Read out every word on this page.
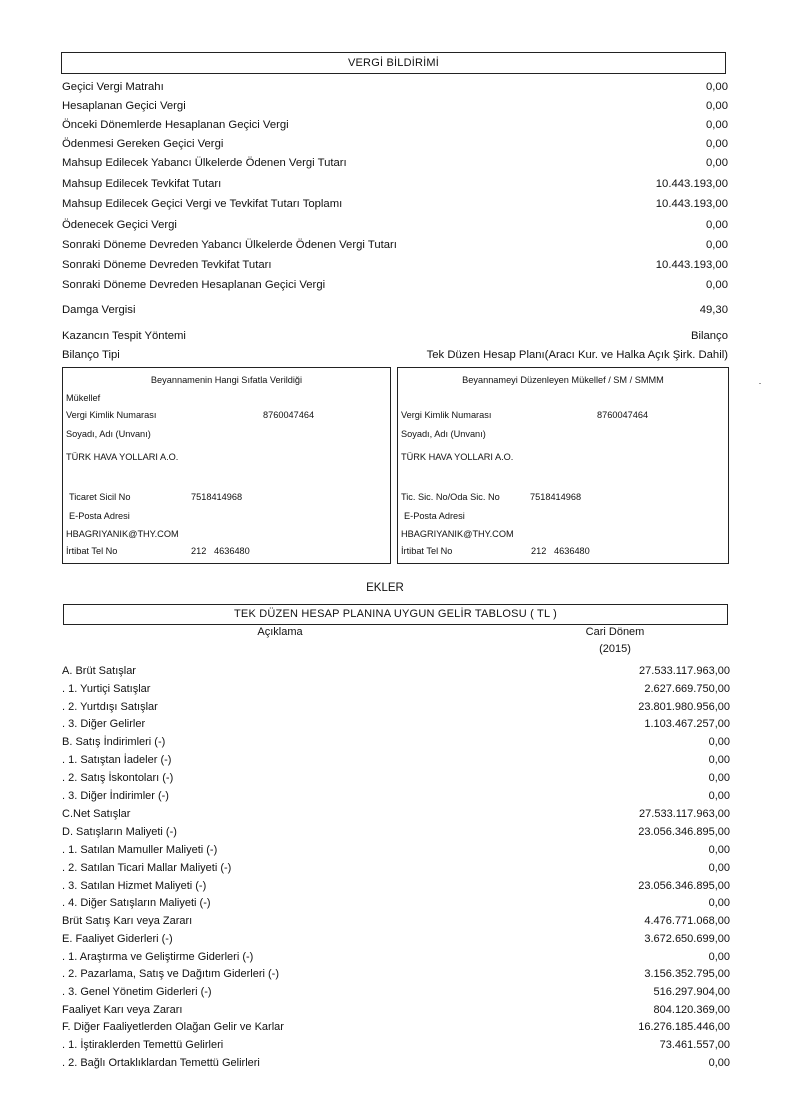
VERGİ BİLDİRİMİ
Geçici Vergi Matrahı	0,00
Hesaplanan Geçici Vergi	0,00
Önceki Dönemlerde Hesaplanan Geçici Vergi	0,00
Ödenmesi Gereken Geçici Vergi	0,00
Mahsup Edilecek Yabancı Ülkelerde Ödenen Vergi Tutarı	0,00
Mahsup Edilecek Tevkifat Tutarı	10.443.193,00
Mahsup Edilecek Geçici Vergi ve Tevkifat Tutarı Toplamı	10.443.193,00
Ödenecek Geçici Vergi	0,00
Sonraki Döneme Devreden Yabancı Ülkelerde Ödenen Vergi Tutarı	0,00
Sonraki Döneme Devreden Tevkifat Tutarı	10.443.193,00
Sonraki Döneme Devreden Hesaplanan Geçici Vergi	0,00
Damga Vergisi	49,30
Kazancın Tespit Yöntemi	Bilanço
Bilanço Tipi	Tek Düzen Hesap Planı(Aracı Kur. ve Halka Açık Şirk. Dahil)
Beyannamenin Hangi Sıfatla Verildiği
Mükellef
Vergi Kimlik Numarası	8760047464
Soyadı, Adı (Unvanı)
TÜRK HAVA YOLLARI A.O.
Ticaret Sicil No	7518414968
E-Posta Adresi
HBAGRIYANIK@THY.COM
İrtibat Tel No	212 4636480
Beyannameyi Düzenleyen Mükellef / SM / SMMM
Vergi Kimlik Numarası	8760047464
Soyadı, Adı (Unvanı)
TÜRK HAVA YOLLARI A.O.
Tic. Sic. No/Oda Sic. No	7518414968
E-Posta Adresi
HBAGRIYANIK@THY.COM
İrtibat Tel No	212 4636480
EKLER
TEK DÜZEN HESAP PLANINA UYGUN GELİR TABLOSU ( TL )
Açıklama	Cari Dönem
(2015)
A. Brüt Satışlar	27.533.117.963,00
. 1. Yurtiçi Satışlar	2.627.669.750,00
. 2. Yurtdışı Satışlar	23.801.980.956,00
. 3. Diğer Gelirler	1.103.467.257,00
B. Satış İndirimleri (-)	0,00
. 1. Satıştan İadeler (-)	0,00
. 2. Satış İskontoları (-)	0,00
. 3. Diğer İndirimler (-)	0,00
C.Net Satışlar	27.533.117.963,00
D. Satışların Maliyeti (-)	23.056.346.895,00
. 1. Satılan Mamuller Maliyeti (-)	0,00
. 2. Satılan Ticari Mallar Maliyeti (-)	0,00
. 3. Satılan Hizmet Maliyeti (-)	23.056.346.895,00
. 4. Diğer Satışların Maliyeti (-)	0,00
Brüt Satış Karı veya Zararı	4.476.771.068,00
E. Faaliyet Giderleri (-)	3.672.650.699,00
. 1. Araştırma ve Geliştirme Giderleri (-)	0,00
. 2. Pazarlama, Satış ve Dağıtım Giderleri (-)	3.156.352.795,00
. 3. Genel Yönetim Giderleri (-)	516.297.904,00
Faaliyet Karı veya Zararı	804.120.369,00
F. Diğer Faaliyetlerden Olağan Gelir ve Karlar	16.276.185.446,00
. 1. İştiraklerden Temettü Gelirleri	73.461.557,00
. 2. Bağlı Ortaklıklardan Temettü Gelirleri	0,00
